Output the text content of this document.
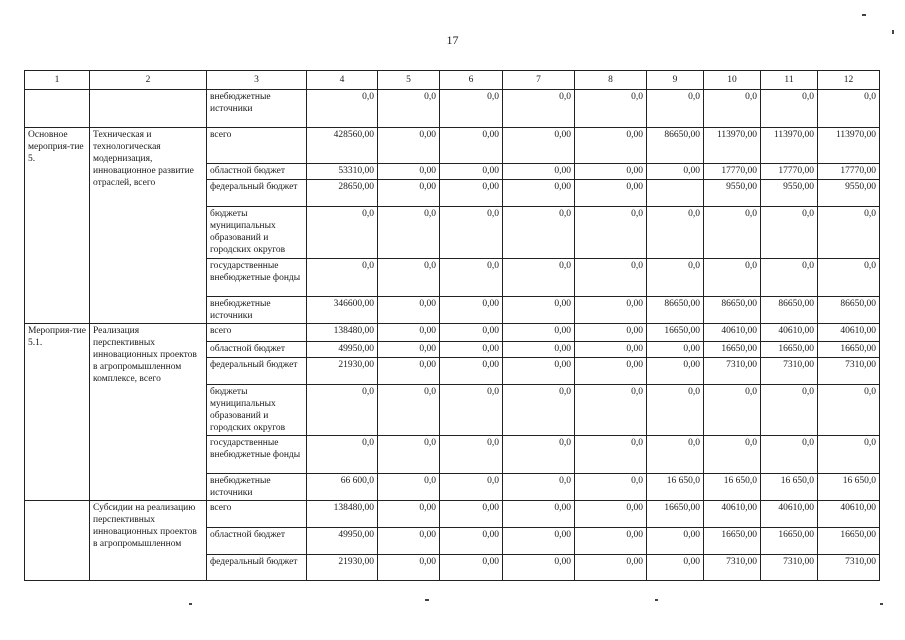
17
1	2	3	4	5	6	7	8	9	10	11	12
		внебюджетные источники	0,0	0,0	0,0	0,0	0,0	0,0	0,0	0,0	0,0
Основное мероприя-тие 5.	Техническая и технологическая модернизация, инновационное развитие отраслей, всего	всего	428560,00	0,00	0,00	0,00	0,00	86650,00	113970,00	113970,00	113970,00
		областной бюджет	53310,00	0,00	0,00	0,00	0,00	0,00	17770,00	17770,00	17770,00
		федеральный бюджет	28650,00	0,00	0,00	0,00	0,00		9550,00	9550,00	9550,00
		бюджеты муниципальных образований и городских округов	0,0	0,0	0,0	0,0	0,0	0,0	0,0	0,0	0,0
		государственные внебюджетные фонды	0,0	0,0	0,0	0,0	0,0	0,0	0,0	0,0	0,0
		внебюджетные источники	346600,00	0,00	0,00	0,00	0,00	86650,00	86650,00	86650,00	86650,00
Мероприя-тие 5.1.	Реализация перспективных инновационных проектов в агропромышленном комплексе, всего	всего	138480,00	0,00	0,00	0,00	0,00	16650,00	40610,00	40610,00	40610,00
		областной бюджет	49950,00	0,00	0,00	0,00	0,00	0,00	16650,00	16650,00	16650,00
		федеральный бюджет	21930,00	0,00	0,00	0,00	0,00	0,00	7310,00	7310,00	7310,00
		бюджеты муниципальных образований и городских округов	0,0	0,0	0,0	0,0	0,0	0,0	0,0	0,0	0,0
		государственные внебюджетные фонды	0,0	0,0	0,0	0,0	0,0	0,0	0,0	0,0	0,0
		внебюджетные источники	66 600,0	0,0	0,0	0,0	0,0	16 650,0	16 650,0	16 650,0	16 650,0
	Субсидии на реализацию перспективных инновационных проектов в агропромышленном	всего	138480,00	0,00	0,00	0,00	0,00	16650,00	40610,00	40610,00	40610,00
		областной бюджет	49950,00	0,00	0,00	0,00	0,00	0,00	16650,00	16650,00	16650,00
		федеральный бюджет	21930,00	0,00	0,00	0,00	0,00	0,00	7310,00	7310,00	7310,00
